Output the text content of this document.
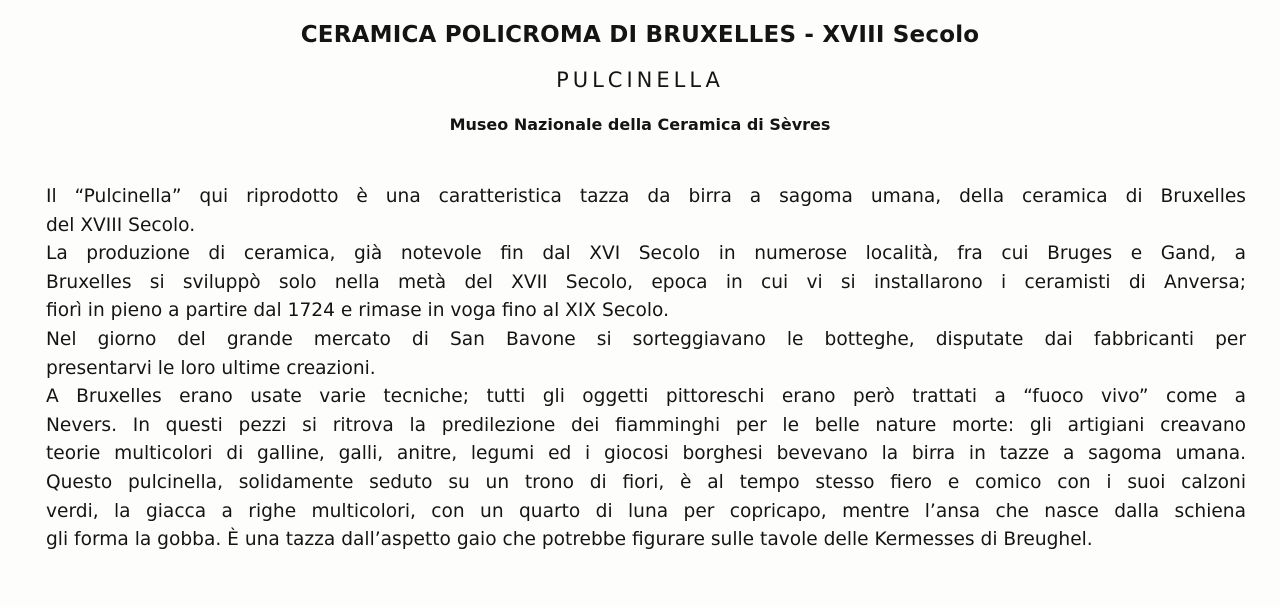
CERAMICA POLICROMA DI BRUXELLES - XVIII Secolo
PULCINELLA
Museo Nazionale della Ceramica di Sèvres
Il “Pulcinella” qui riprodotto è una caratteristica tazza da birra a sagoma umana, della ceramica di Bruxelles
del XVIII Secolo.
La produzione di ceramica, già notevole fin dal XVI Secolo in numerose località, fra cui Bruges e Gand, a
Bruxelles si sviluppò solo nella metà del XVII Secolo, epoca in cui vi si installarono i ceramisti di Anversa;
fiorì in pieno a partire dal 1724 e rimase in voga fino al XIX Secolo.
Nel giorno del grande mercato di San Bavone si sorteggiavano le botteghe, disputate dai fabbricanti per
presentarvi le loro ultime creazioni.
A Bruxelles erano usate varie tecniche; tutti gli oggetti pittoreschi erano però trattati a “fuoco vivo” come a
Nevers. In questi pezzi si ritrova la predilezione dei fiamminghi per le belle nature morte: gli artigiani creavano
teorie multicolori di galline, galli, anitre, legumi ed i giocosi borghesi bevevano la birra in tazze a sagoma umana.
Questo pulcinella, solidamente seduto su un trono di fiori, è al tempo stesso fiero e comico con i suoi calzoni
verdi, la giacca a righe multicolori, con un quarto di luna per copricapo, mentre l’ansa che nasce dalla schiena
gli forma la gobba. È una tazza dall’aspetto gaio che potrebbe figurare sulle tavole delle Kermesses di Breughel.
